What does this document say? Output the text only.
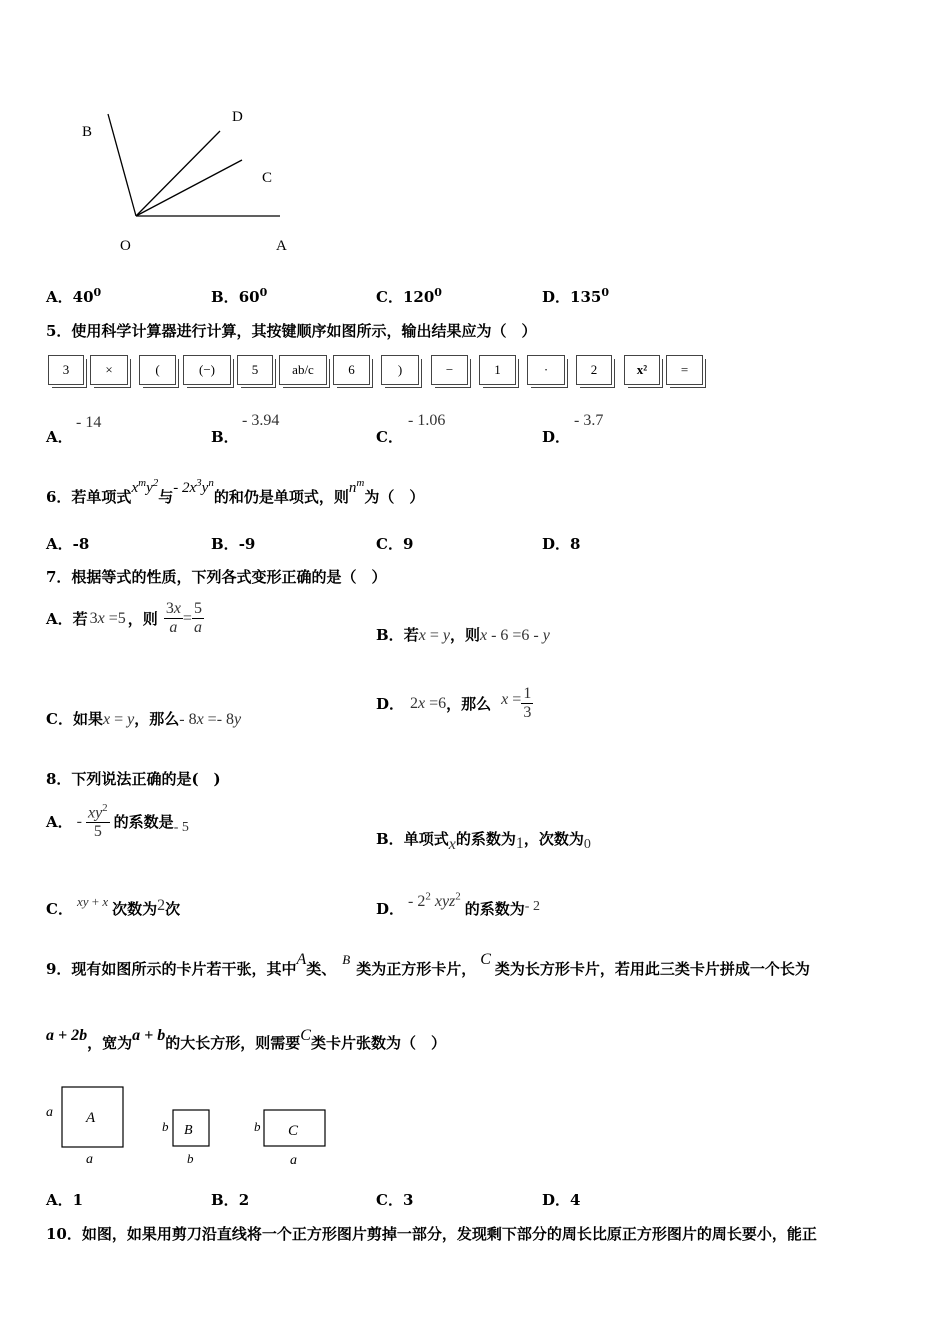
B
D
C
O	A
A．$40^0$	B．$60^0$	C．$120^0$	D．$135^0$
5．使用科学计算器进行计算，其按键顺序如图所示，输出结果应为（　）
3	×	(	(−)	5	ab/c	6	)	−	1	·	2	x²	=
A．
- 14
B．
- 3.94
C．
- 1.06
D．
- 3.7
6．若单项式$x^my^2$与- $2x^3y^n$的和仍是单项式，则$n^m$为（　）
A．-8	B．-9	C．9	D．8
7．根据等式的性质，下列各式变形正确的是（　）
A． 若 3x =5 ，则 $\frac{3x}{a} = \frac{5}{a}$	B．若x = y，则x - 6 =6 - y
C．如果x = y，那么- 8x =- 8y
D． 2x =6 ，那么 $x = \frac{1}{3}$
8．下列说法正确的是(　)
A． - $\frac{xy^2}{5}$ 的系数是 - 5
B．单项式x的系数为1，次数为0
C． xy + x 次数为2次	D． - $2^2$ xyz$^2$的系数为- 2
9．现有如图所示的卡片若干张，其中A类、B类为正方形卡片，C类为长方形卡片，若用此三类卡片拼成一个长为
a + 2b，宽为a + b的大长方形，则需要C类卡片张数为（　）
A
a
a
B
b
b
C
b
a
A．1	B．2	C．3	D．4
10．如图，如果用剪刀沿直线将一个正方形图片剪掉一部分，发现剩下部分的周长比原正方形图片的周长要小，能正
